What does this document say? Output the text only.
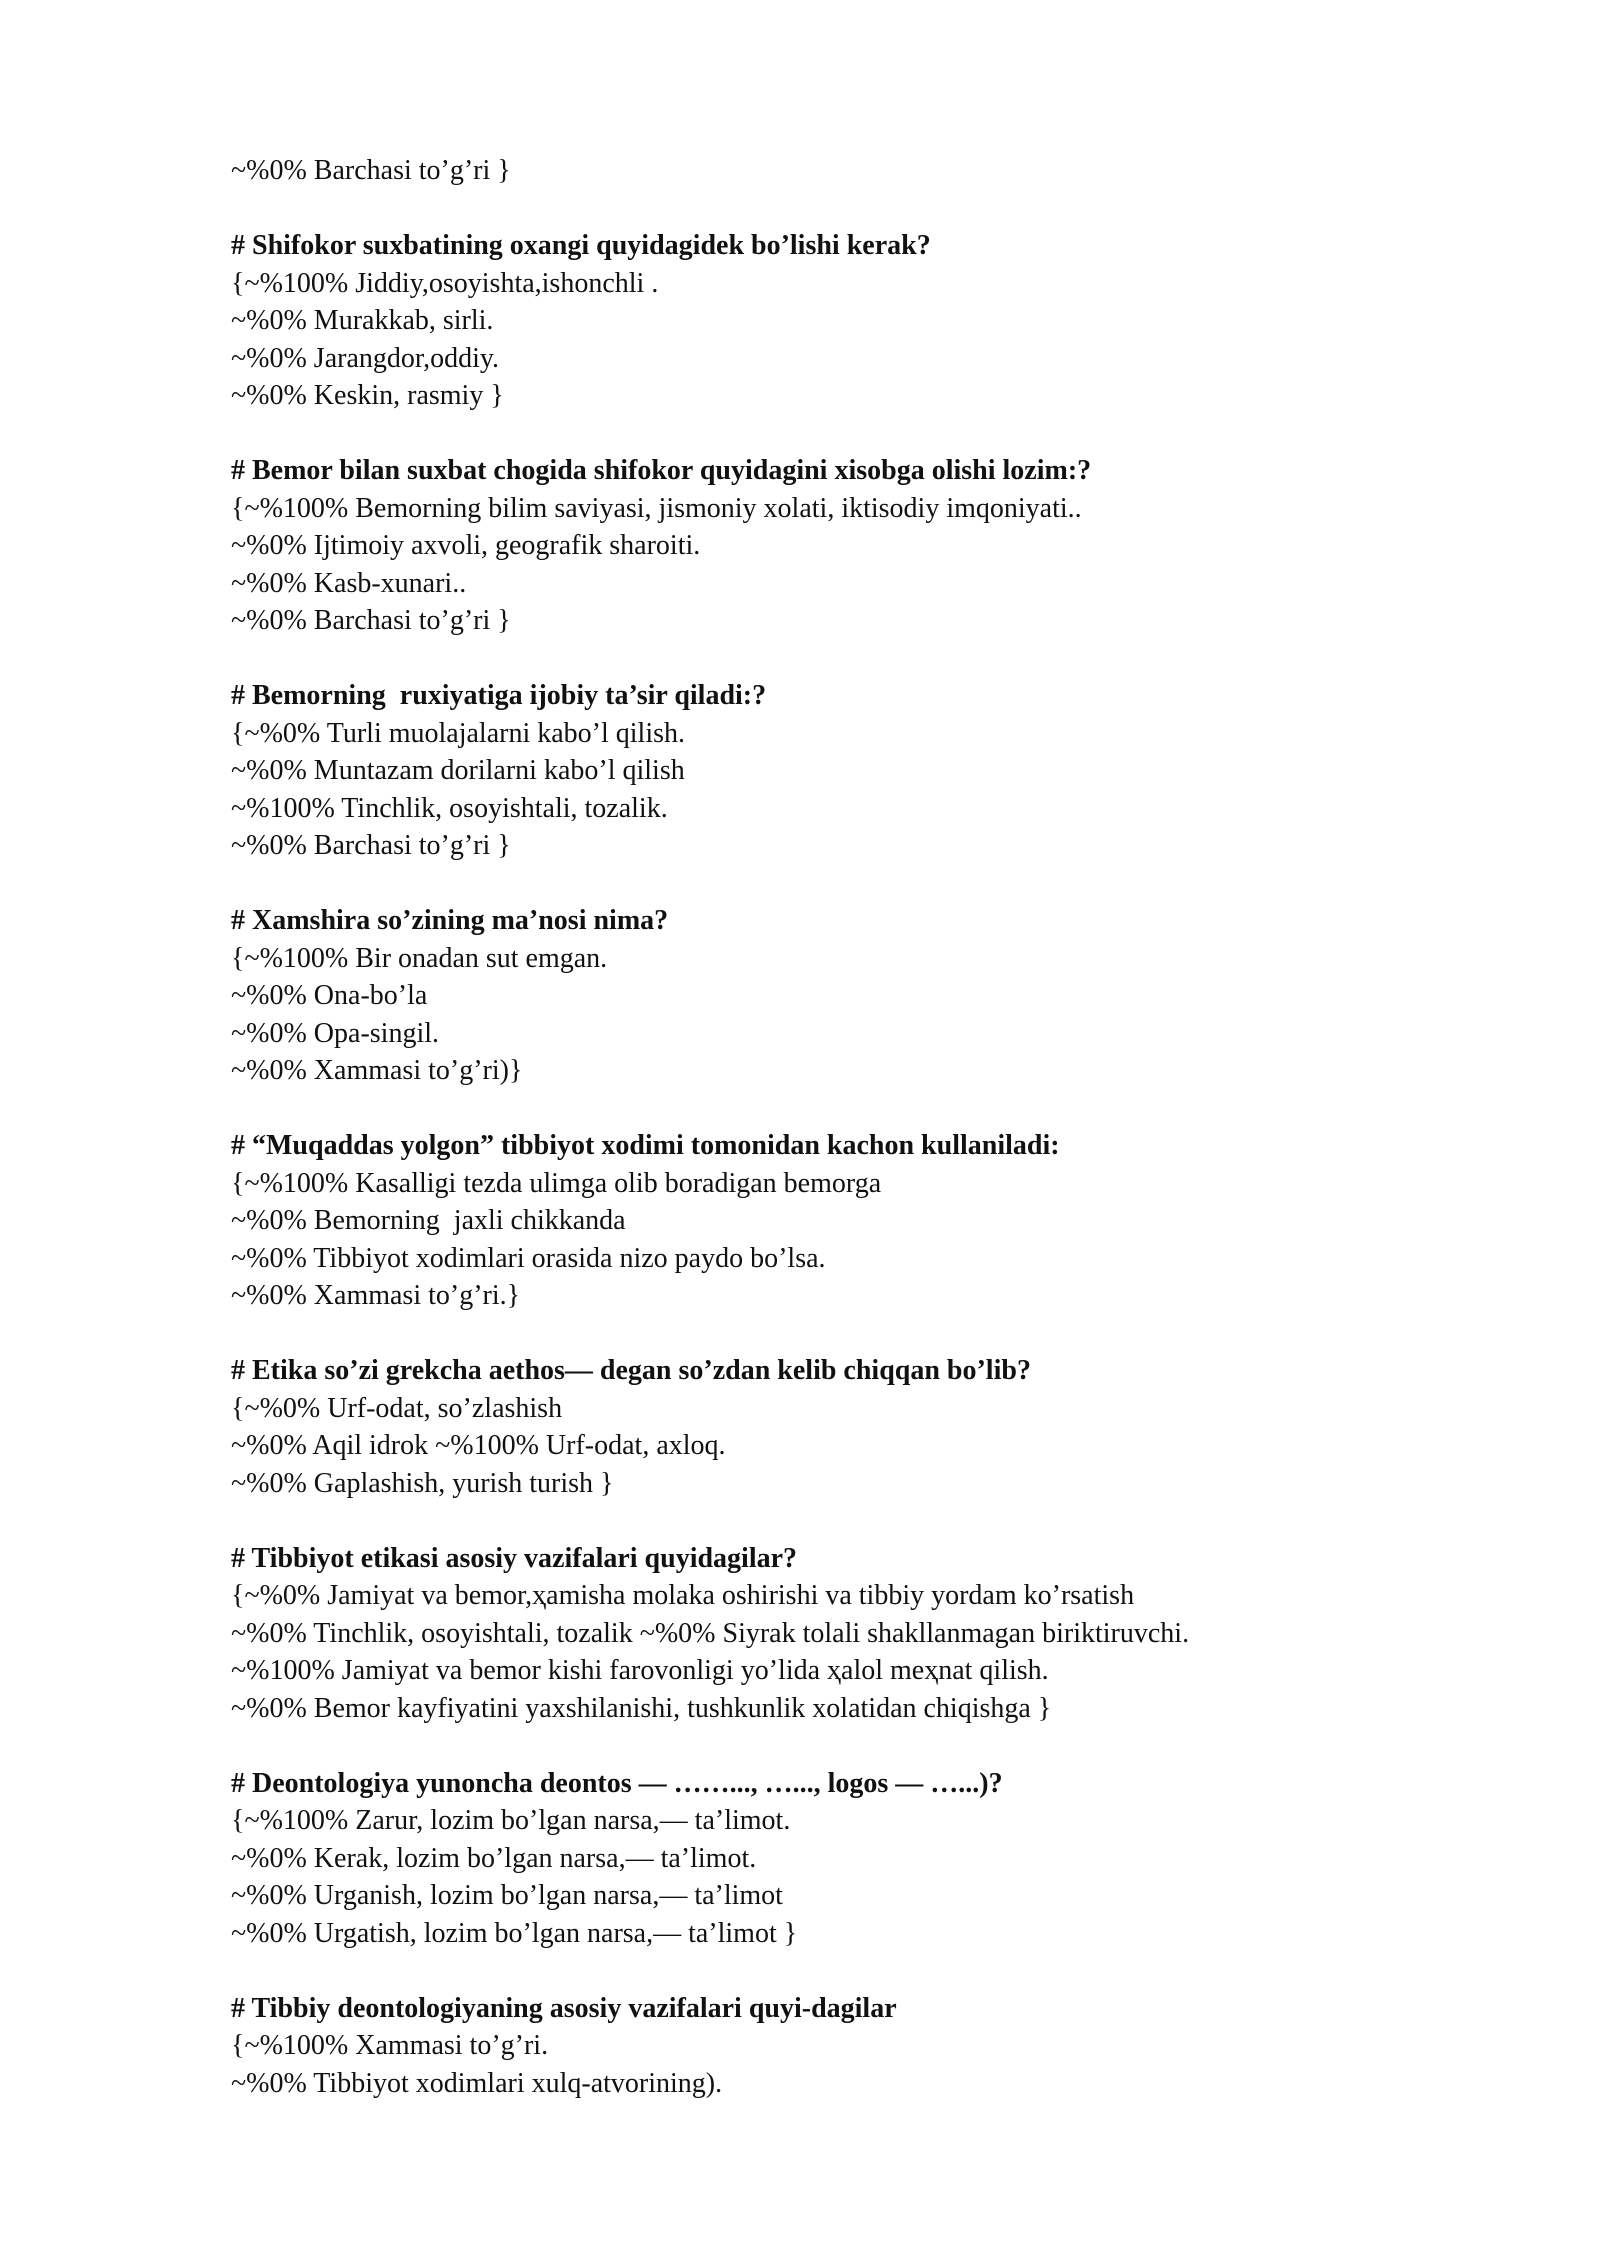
~%0% Barchasi to’g’ri }
# Shifokor suxbatining oxangi quyidagidek bo’lishi kerak?
{~%100% Jiddiy,osoyishta,ishonchli .
~%0% Murakkab, sirli.
~%0% Jarangdor,oddiy.
~%0% Keskin, rasmiy }
# Bemor bilan suxbat chogida shifokor quyidagini xisobga olishi lozim:?
{~%100% Bemorning bilim saviyasi, jismoniy xolati, iktisodiy imqoniyati..
~%0% Ijtimoiy axvoli, geografik sharoiti.
~%0% Kasb-xunari..
~%0% Barchasi to’g’ri }
# Bemorning  ruxiyatiga ijobiy ta’sir qiladi:?
{~%0% Turli muolajalarni kabo’l qilish.
~%0% Muntazam dorilarni kabo’l qilish
~%100% Tinchlik, osoyishtali, tozalik.
~%0% Barchasi to’g’ri }
# Xamshira so’zining ma’nosi nima?
{~%100% Bir onadan sut emgan.
~%0% Ona-bo’la
~%0% Opa-singil.
~%0% Xammasi to’g’ri)}
# “Muqaddas yolgon” tibbiyot xodimi tomonidan kachon kullaniladi:
{~%100% Kasalligi tezda ulimga olib boradigan bemorga
~%0% Bemorning  jaxli chikkanda
~%0% Tibbiyot xodimlari orasida nizo paydo bo’lsa.
~%0% Xammasi to’g’ri.}
# Etika so’zi grekcha aethos— degan so’zdan kelib chiqqan bo’lib?
{~%0% Urf-odat, so’zlashish
~%0% Aqil idrok ~%100% Urf-odat, axloq.
~%0% Gaplashish, yurish turish }
# Tibbiyot etikasi asosiy vazifalari quyidagilar?
{~%0% Jamiyat va bemor,ҳamisha molaka oshirishi va tibbiy yordam ko’rsatish
~%0% Tinchlik, osoyishtali, tozalik ~%0% Siyrak tolali shakllanmagan biriktiruvchi.
~%100% Jamiyat va bemor kishi farovonligi yo’lida ҳalol meҳnat qilish.
~%0% Bemor kayfiyatini yaxshilanishi, tushkunlik xolatidan chiqishga }
# Deontologiya yunoncha deontos — ……..., …..., logos — …...)?
{~%100% Zarur, lozim bo’lgan narsa,— ta’limot.
~%0% Kerak, lozim bo’lgan narsa,— ta’limot.
~%0% Urganish, lozim bo’lgan narsa,— ta’limot
~%0% Urgatish, lozim bo’lgan narsa,— ta’limot }
# Tibbiy deontologiyaning asosiy vazifalari quyi-dagilar
{~%100% Xammasi to’g’ri.
~%0% Tibbiyot xodimlari xulq-atvorining).
